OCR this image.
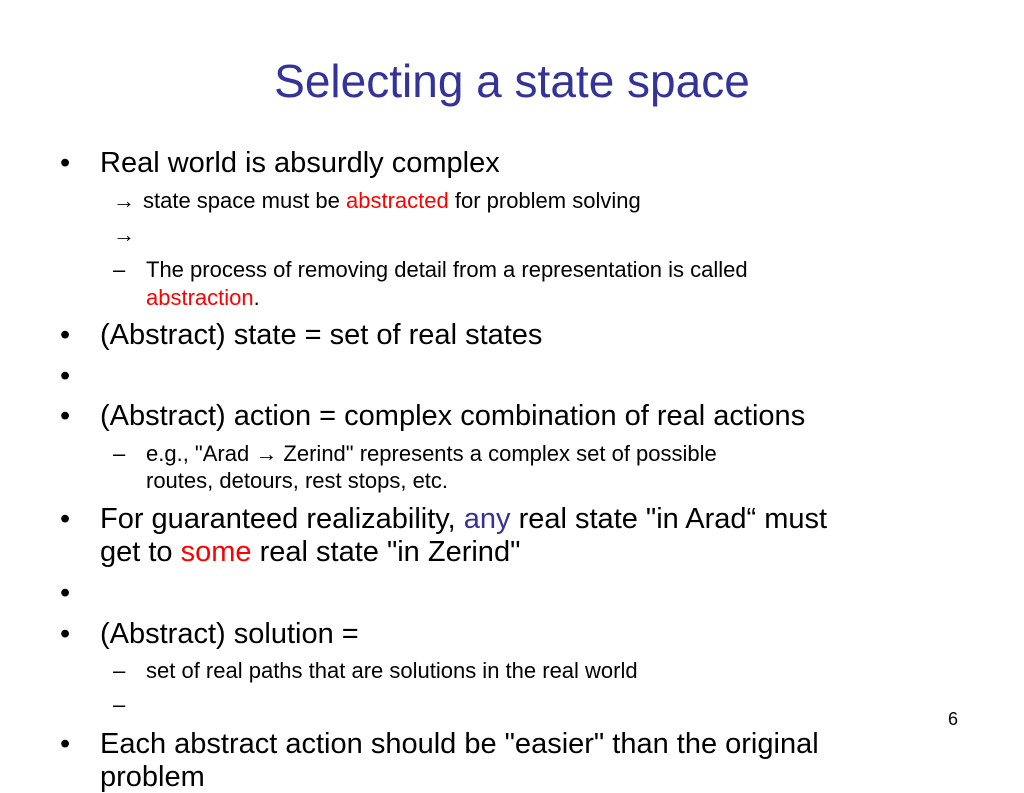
Selecting a state space
• Real world is absurdly complex
→ state space must be abstracted for problem solving
→
– The process of removing detail from a representation is called
abstraction.
• (Abstract) state = set of real states
•
• (Abstract) action = complex combination of real actions
– e.g., "Arad → Zerind" represents a complex set of possible
routes, detours, rest stops, etc.
• For guaranteed realizability, any real state "in Arad“ must
get to some real state "in Zerind"
•
• (Abstract) solution =
– set of real paths that are solutions in the real world
–
• Each abstract action should be "easier" than the original
problem
6
